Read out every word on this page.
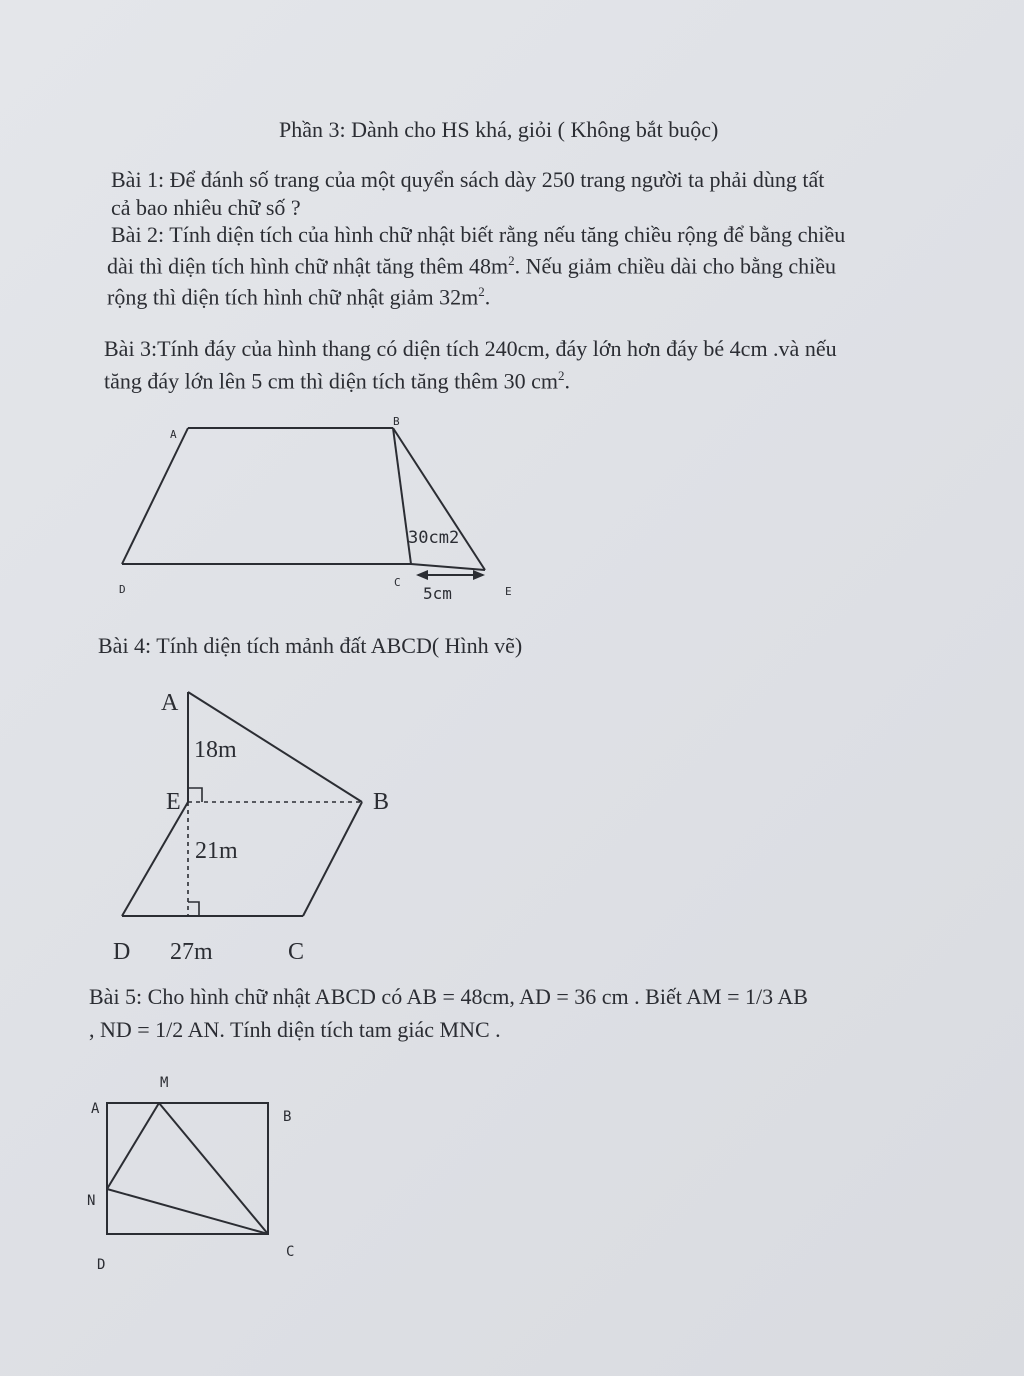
Phần 3: Dành cho HS khá, giỏi ( Không bắt buộc)
Bài 1: Để đánh số trang của một quyển sách dày 250 trang người ta phải dùng tất
cả bao nhiêu chữ số ?
Bài 2: Tính diện tích của hình chữ nhật biết rằng nếu tăng chiều rộng để bằng chiều
dài thì diện tích hình chữ nhật tăng thêm $48m^2$. Nếu giảm chiều dài cho bằng chiều
rộng thì diện tích hình chữ nhật giảm $32m^2$.
Bài 3:Tính đáy của hình thang có diện tích 240cm, đáy lớn hơn đáy bé 4cm .và nếu
tăng đáy lớn lên 5 cm thì diện tích tăng thêm 30 $cm^2$.
A
B
C
D	E
30cm2
5cm
Bài 4: Tính diện tích mảnh đất ABCD( Hình vẽ)
A
E	B
D	C
18m
21m
27m
Bài 5: Cho hình chữ nhật ABCD có AB = 48cm, AD = 36 cm . Biết AM = 1/3 AB
, ND = 1/2 AN. Tính diện tích tam giác MNC .
M
A	B
N
C
D
